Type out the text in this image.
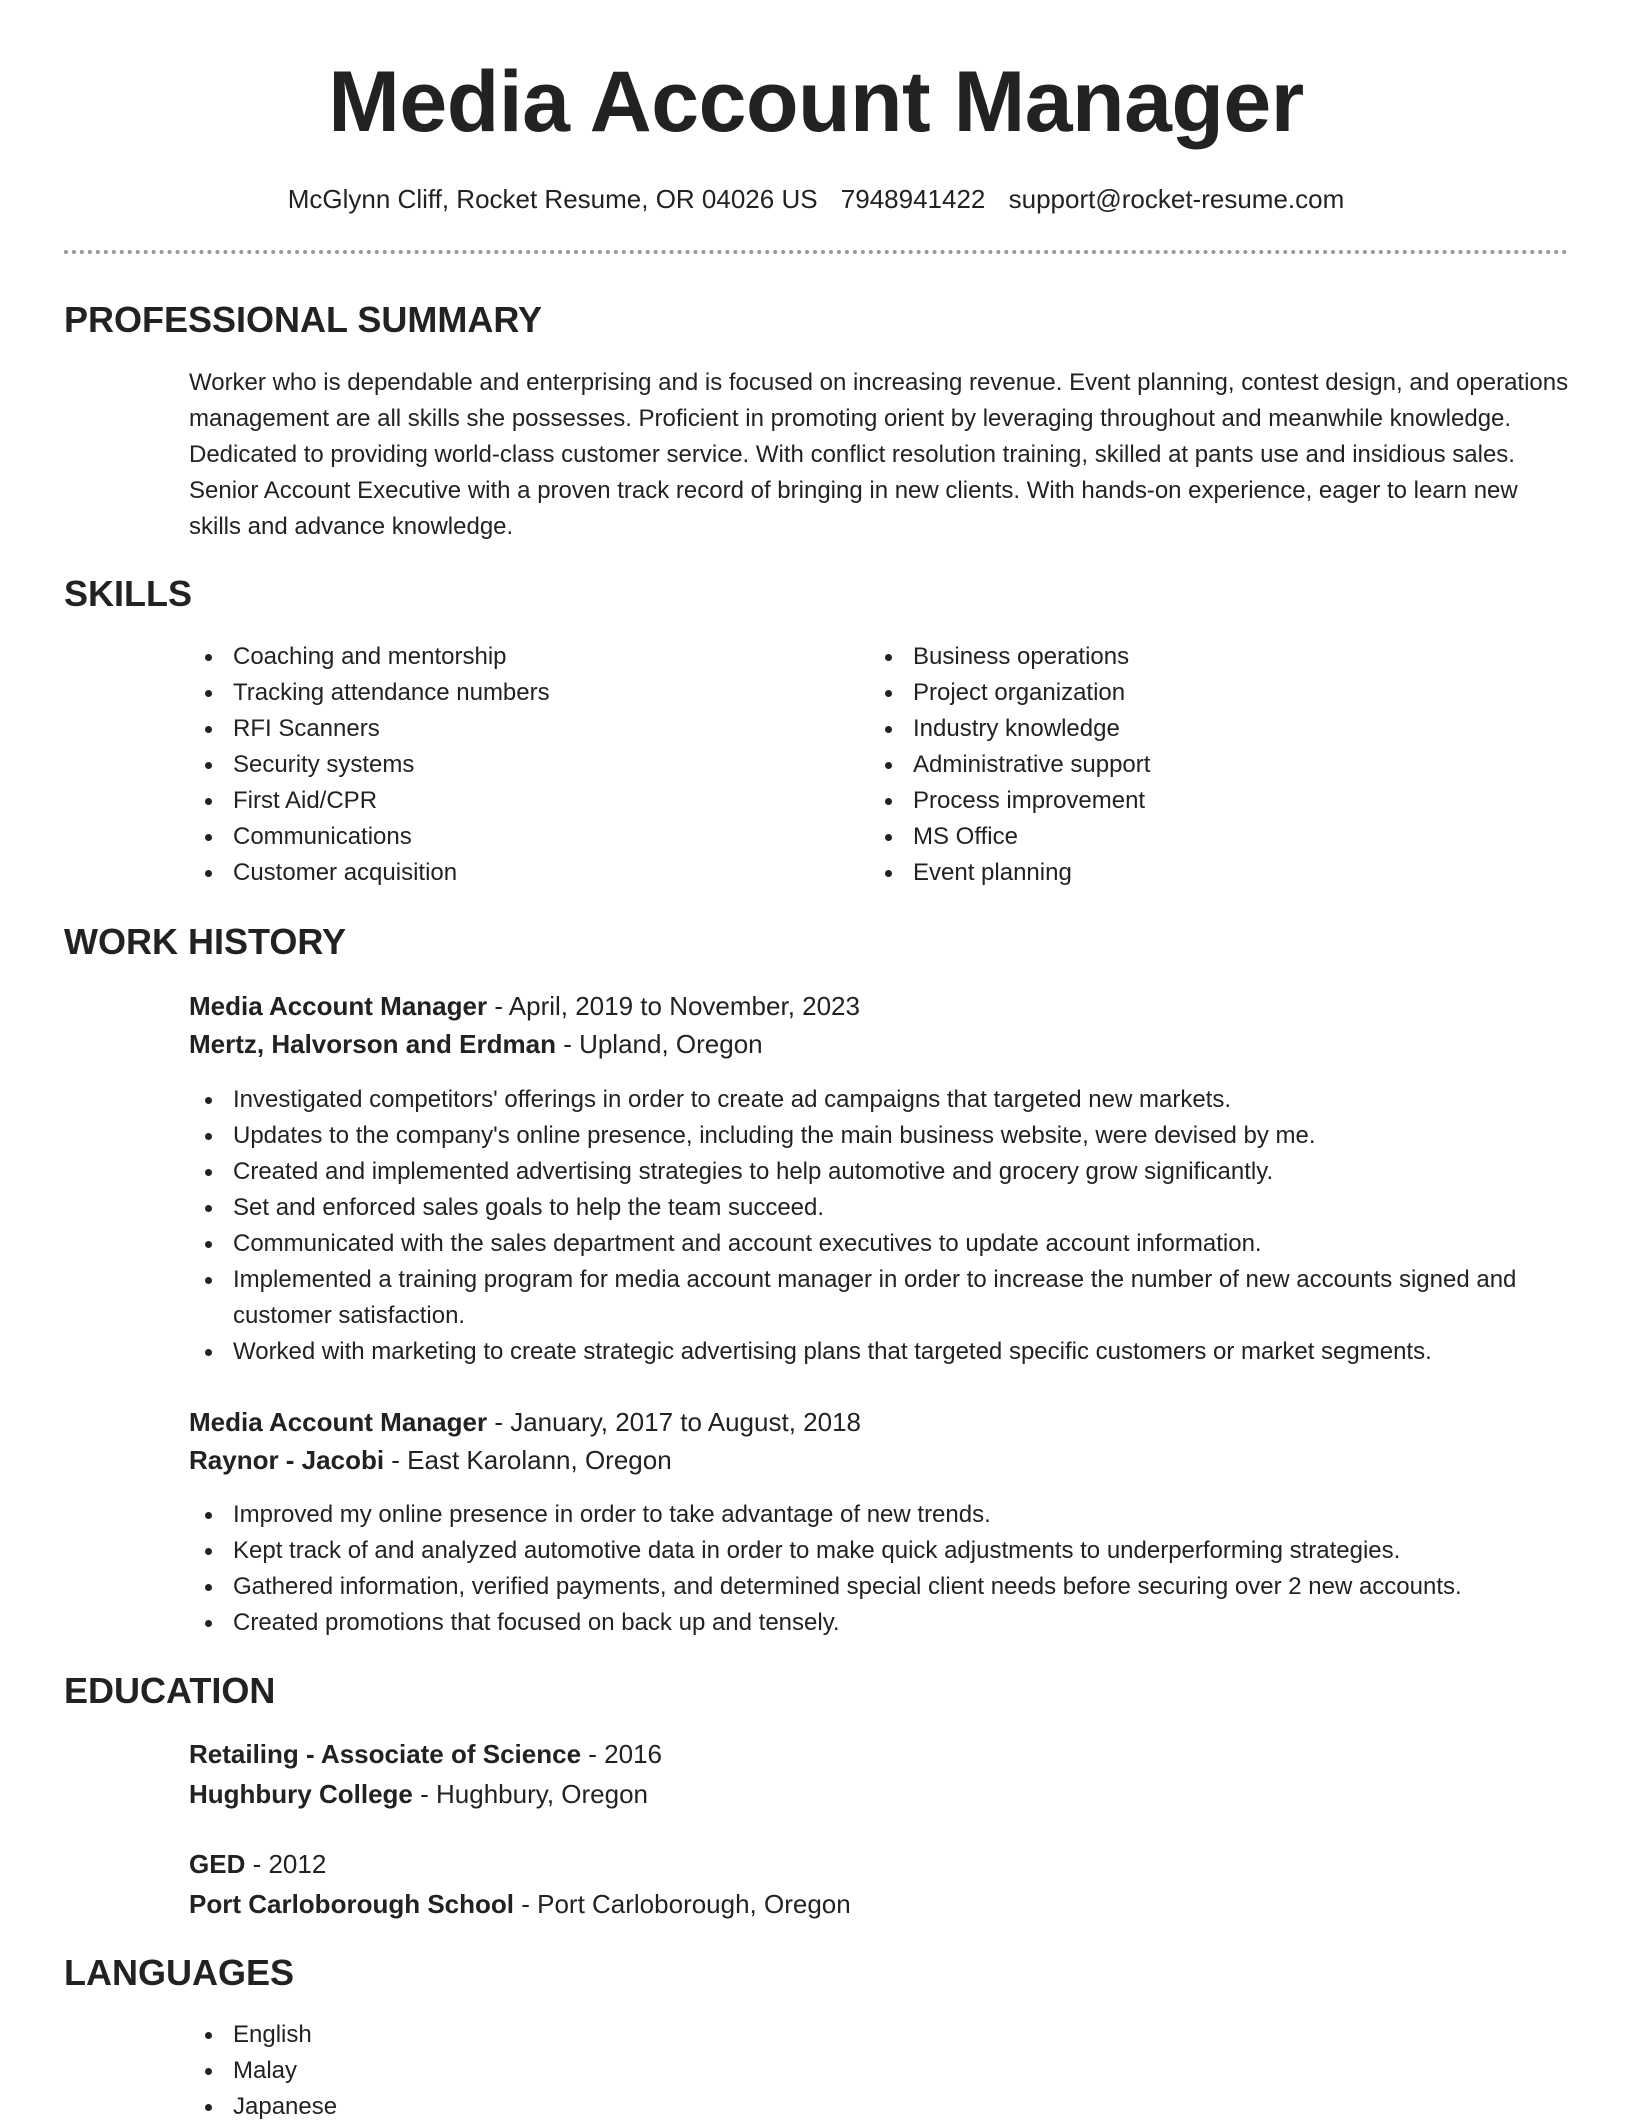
Media Account Manager
McGlynn Cliff, Rocket Resume, OR 04026 US 7948941422 support@rocket-resume.com
PROFESSIONAL SUMMARY

Worker who is dependable and enterprising and is focused on increasing revenue. Event planning, contest design, and operations management are all skills she possesses. Proficient in promoting orient by leveraging throughout and meanwhile knowledge. Dedicated to providing world-class customer service. With conflict resolution training, skilled at pants use and insidious sales. Senior Account Executive with a proven track record of bringing in new clients. With hands-on experience, eager to learn new skills and advance knowledge.

SKILLS
Coaching and mentorship
Tracking attendance numbers
RFI Scanners
Security systems
First Aid/CPR
Communications
Customer acquisition
Business operations
Project organization
Industry knowledge
Administrative support
Process improvement
MS Office
Event planning
WORK HISTORY
Media Account Manager - April, 2019 to November, 2023
Mertz, Halvorson and Erdman - Upland, Oregon
Investigated competitors' offerings in order to create ad campaigns that targeted new markets.
Updates to the company's online presence, including the main business website, were devised by me.
Created and implemented advertising strategies to help automotive and grocery grow significantly.
Set and enforced sales goals to help the team succeed.
Communicated with the sales department and account executives to update account information.
Implemented a training program for media account manager in order to increase the number of new accounts signed and customer satisfaction.
Worked with marketing to create strategic advertising plans that targeted specific customers or market segments.
Media Account Manager - January, 2017 to August, 2018
Raynor - Jacobi - East Karolann, Oregon
Improved my online presence in order to take advantage of new trends.
Kept track of and analyzed automotive data in order to make quick adjustments to underperforming strategies.
Gathered information, verified payments, and determined special client needs before securing over 2 new accounts.
Created promotions that focused on back up and tensely.
EDUCATION
Retailing - Associate of Science - 2016
Hughbury College - Hughbury, Oregon
GED - 2012
Port Carloborough School - Port Carloborough, Oregon
LANGUAGES
English
Malay
Japanese
